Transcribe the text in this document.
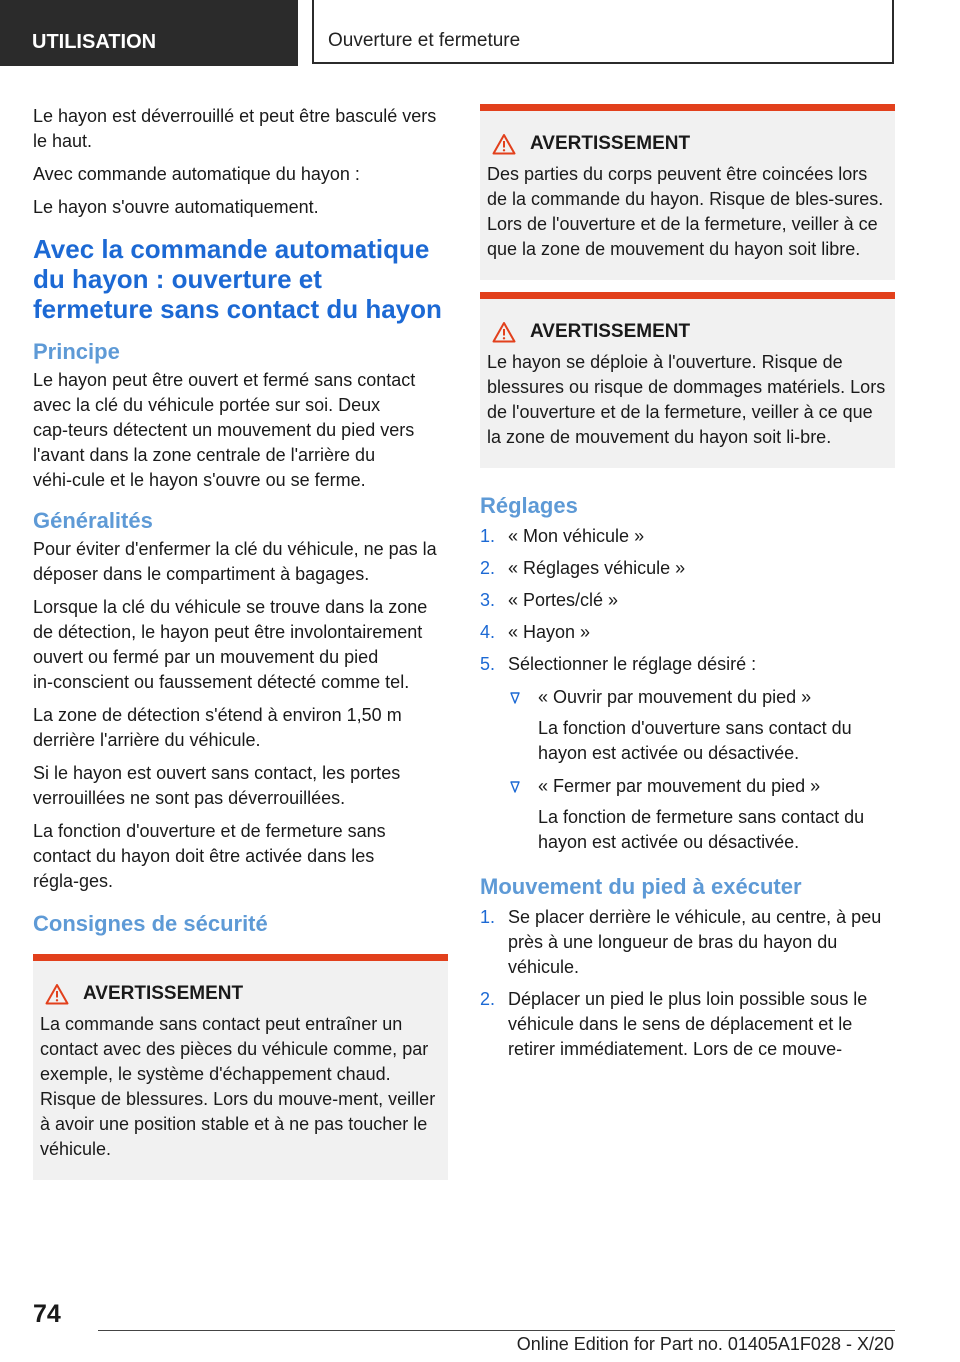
UTILISATION	Ouverture et fermeture

Le hayon est déverrouillé et peut être basculé vers le haut.

Avec commande automatique du hayon :

Le hayon s'ouvre automatiquement.

Avec la commande automatique du hayon : ouverture et fermeture sans contact du hayon
Principe

Le hayon peut être ouvert et fermé sans contact avec la clé du véhicule portée sur soi. Deux cap‑teurs détectent un mouvement du pied vers l'avant dans la zone centrale de l'arrière du véhi‑cule et le hayon s'ouvre ou se ferme.

Généralités

Pour éviter d'enfermer la clé du véhicule, ne pas la déposer dans le compartiment à bagages.

Lorsque la clé du véhicule se trouve dans la zone de détection, le hayon peut être involontairement ouvert ou fermé par un mouvement du pied in‑conscient ou faussement détecté comme tel.

La zone de détection s'étend à environ 1,50 m derrière l'arrière du véhicule.

Si le hayon est ouvert sans contact, les portes verrouillées ne sont pas déverrouillées.

La fonction d'ouverture et de fermeture sans contact du hayon doit être activée dans les régla‑ges.

Consignes de sécurité
AVERTISSEMENT

La commande sans contact peut entraîner un contact avec des pièces du véhicule comme, par exemple, le système d'échappement chaud. Risque de blessures. Lors du mouve‑ment, veiller à avoir une position stable et à ne pas toucher le véhicule.

AVERTISSEMENT

Des parties du corps peuvent être coincées lors de la commande du hayon. Risque de bles‑sures. Lors de l'ouverture et de la fermeture, veiller à ce que la zone de mouvement du hayon soit libre.

AVERTISSEMENT

Le hayon se déploie à l'ouverture. Risque de blessures ou risque de dommages matériels. Lors de l'ouverture et de la fermeture, veiller à ce que la zone de mouvement du hayon soit li‑bre.

Réglages
1. « Mon véhicule »
2. « Réglages véhicule »
3. « Portes/clé »
4. « Hayon »
5. Sélectionner le réglage désiré :
« Ouvrir par mouvement du pied »
La fonction d'ouverture sans contact du hayon est activée ou désactivée.
« Fermer par mouvement du pied »
La fonction de fermeture sans contact du hayon est activée ou désactivée.
Mouvement du pied à exécuter
1. Se placer derrière le véhicule, au centre, à peu près à une longueur de bras du hayon du véhicule.
2. Déplacer un pied le plus loin possible sous le véhicule dans le sens de déplacement et le retirer immédiatement. Lors de ce mouve‑
74
Online Edition for Part no. 01405A1F028 - X/20
